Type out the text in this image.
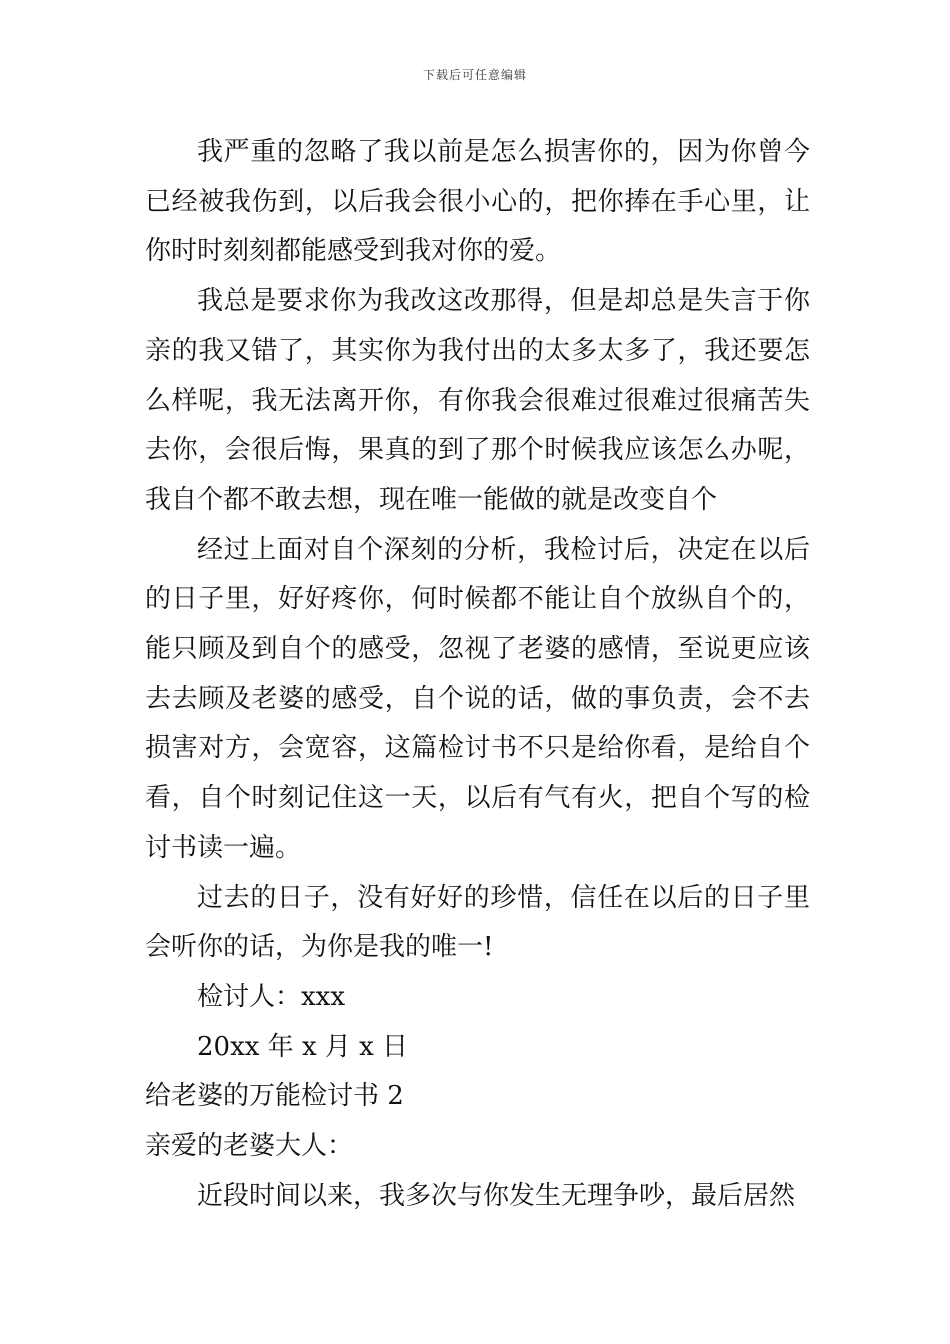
下载后可任意编辑

我严重的忽略了我以前是怎么损害你的，因为你曾今已经被我伤到，以后我会很小心的，把你捧在手心里，让你时时刻刻都能感受到我对你的爱。

我总是要求你为我改这改那得，但是却总是失言于你亲的我又错了，其实你为我付出的太多太多了，我还要怎么样呢，我无法离开你，有你我会很难过很难过很痛苦失去你，会很后悔，果真的到了那个时候我应该怎么办呢，我自个都不敢去想，现在唯一能做的就是改变自个

经过上面对自个深刻的分析，我检讨后，决定在以后的日子里，好好疼你，何时候都不能让自个放纵自个的，能只顾及到自个的感受，忽视了老婆的感情，至说更应该去去顾及老婆的感受，自个说的话，做的事负责，会不去损害对方，会宽容，这篇检讨书不只是给你看，是给自个看，自个时刻记住这一天，以后有气有火，把自个写的检讨书读一遍。

过去的日子，没有好好的珍惜，信任在以后的日子里会听你的话，为你是我的唯一!

检讨人：xxx

20xx 年 x 月 x 日

给老婆的万能检讨书 2

亲爱的老婆大人：

近段时间以来，我多次与你发生无理争吵，最后居然
